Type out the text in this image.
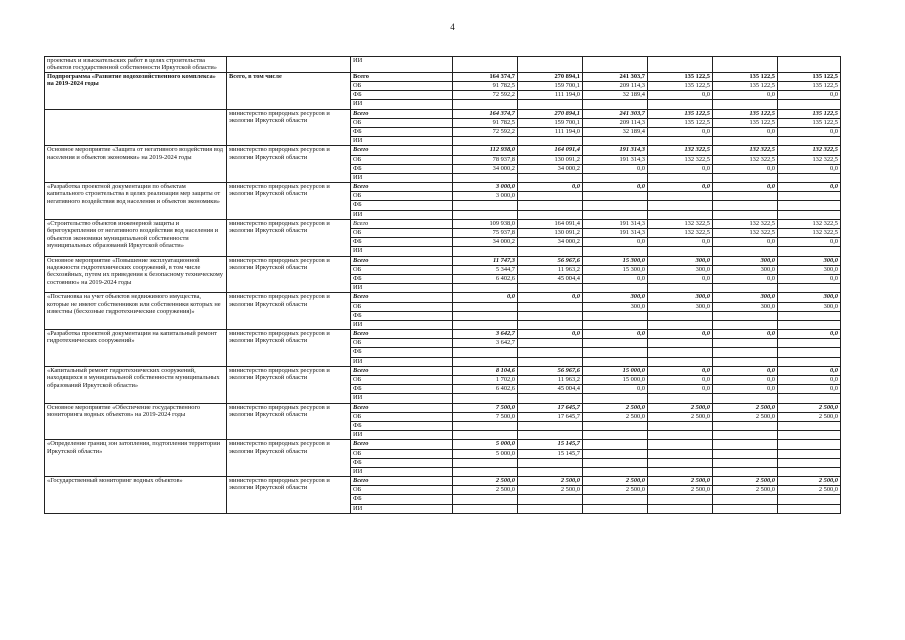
4
проектных и изыскательских работ в целях строительства объектов государственной собственности Иркутской области»		ИИ						
Подпрограмма «Развитие водохозяйственного комплекса» на 2019-2024 годы	Всего, в том числе	Всего	164 374,7	270 894,1	241 303,7	135 122,5	135 122,5	135 122,5
		ОБ	91 782,5	159 700,1	209 114,3	135 122,5	135 122,5	135 122,5
		ФБ	72 592,2	111 194,0	32 189,4	0,0	0,0	0,0
		ИИ						
	министерство природных ресурсов и экологии Иркутской области	Всего	164 374,7	270 894,1	241 303,7	135 122,5	135 122,5	135 122,5
		ОБ	91 782,5	159 700,1	209 114,3	135 122,5	135 122,5	135 122,5
		ФБ	72 592,2	111 194,0	32 189,4	0,0	0,0	0,0
		ИИ						
Основное мероприятие «Защита от негативного воздействия вод населения и объектов экономики» на 2019-2024 годы	министерство природных ресурсов и экологии Иркутской области	Всего	112 938,0	164 091,4	191 314,3	132 322,5	132 322,5	132 322,5
		ОБ	78 937,8	130 091,2	191 314,3	132 322,5	132 322,5	132 322,5
		ФБ	34 000,2	34 000,2	0,0	0,0	0,0	0,0
		ИИ						
«Разработка проектной документации по объектам капитального строительства в целях реализации мер защиты от негативного воздействия вод населения и объектов экономики»	министерство природных ресурсов и экологии Иркутской области	Всего	3 000,0	0,0	0,0	0,0	0,0	0,0
		ОБ	3 000,0					
		ФБ						
		ИИ						
«Строительство объектов инженерной защиты и берегоукрепления от негативного воздействия вод населения и объектов экономики муниципальной собственности муниципальных образований Иркутской области»	министерство природных ресурсов и экологии Иркутской области	Всего	109 938,0	164 091,4	191 314,3	132 322,5	132 322,5	132 322,5
		ОБ	75 937,8	130 091,2	191 314,3	132 322,5	132 322,5	132 322,5
		ФБ	34 000,2	34 000,2	0,0	0,0	0,0	0,0
		ИИ						
Основное мероприятие «Повышение эксплуатационной надежности гидротехнических сооружений, в том числе бесхозяйных, путем их приведения к безопасному техническому состоянию» на 2019-2024 годы	министерство природных ресурсов и экологии Иркутской области	Всего	11 747,3	56 967,6	15 300,0	300,0	300,0	300,0
		ОБ	5 344,7	11 963,2	15 300,0	300,0	300,0	300,0
		ФБ	6 402,6	45 004,4	0,0	0,0	0,0	0,0
		ИИ						
«Постановка на учет объектов недвижимого имущества, которые не имеют собственников или собственники которых не известны (бесхозные гидротехнические сооружения)»	министерство природных ресурсов и экологии Иркутской области	Всего	0,0	0,0	300,0	300,0	300,0	300,0
		ОБ			300,0	300,0	300,0	300,0
		ФБ						
		ИИ						
«Разработка проектной документации на капитальный ремонт гидротехнических сооружений»	министерство природных ресурсов и экологии Иркутской области	Всего	3 642,7	0,0	0,0	0,0	0,0	0,0
		ОБ	3 642,7					
		ФБ						
		ИИ						
«Капитальный ремонт гидротехнических сооружений, находящихся в муниципальной собственности муниципальных образований Иркутской области»	министерство природных ресурсов и экологии Иркутской области	Всего	8 104,6	56 967,6	15 000,0	0,0	0,0	0,0
		ОБ	1 702,0	11 963,2	15 000,0	0,0	0,0	0,0
		ФБ	6 402,6	45 004,4	0,0	0,0	0,0	0,0
		ИИ						
Основное мероприятие «Обеспечение государственного мониторинга водных объектов» на 2019-2024 годы	министерство природных ресурсов и экологии Иркутской области	Всего	7 500,0	17 645,7	2 500,0	2 500,0	2 500,0	2 500,0
		ОБ	7 500,0	17 645,7	2 500,0	2 500,0	2 500,0	2 500,0
		ФБ						
		ИИ						
«Определение границ зон затопления, подтопления территории Иркутской области»	министерство природных ресурсов и экологии Иркутской области	Всего	5 000,0	15 145,7				
		ОБ	5 000,0	15 145,7				
		ФБ						
		ИИ						
«Государственный мониторинг водных объектов»	министерство природных ресурсов и экологии Иркутской области	Всего	2 500,0	2 500,0	2 500,0	2 500,0	2 500,0	2 500,0
		ОБ	2 500,0	2 500,0	2 500,0	2 500,0	2 500,0	2 500,0
		ФБ						
		ИИ						
